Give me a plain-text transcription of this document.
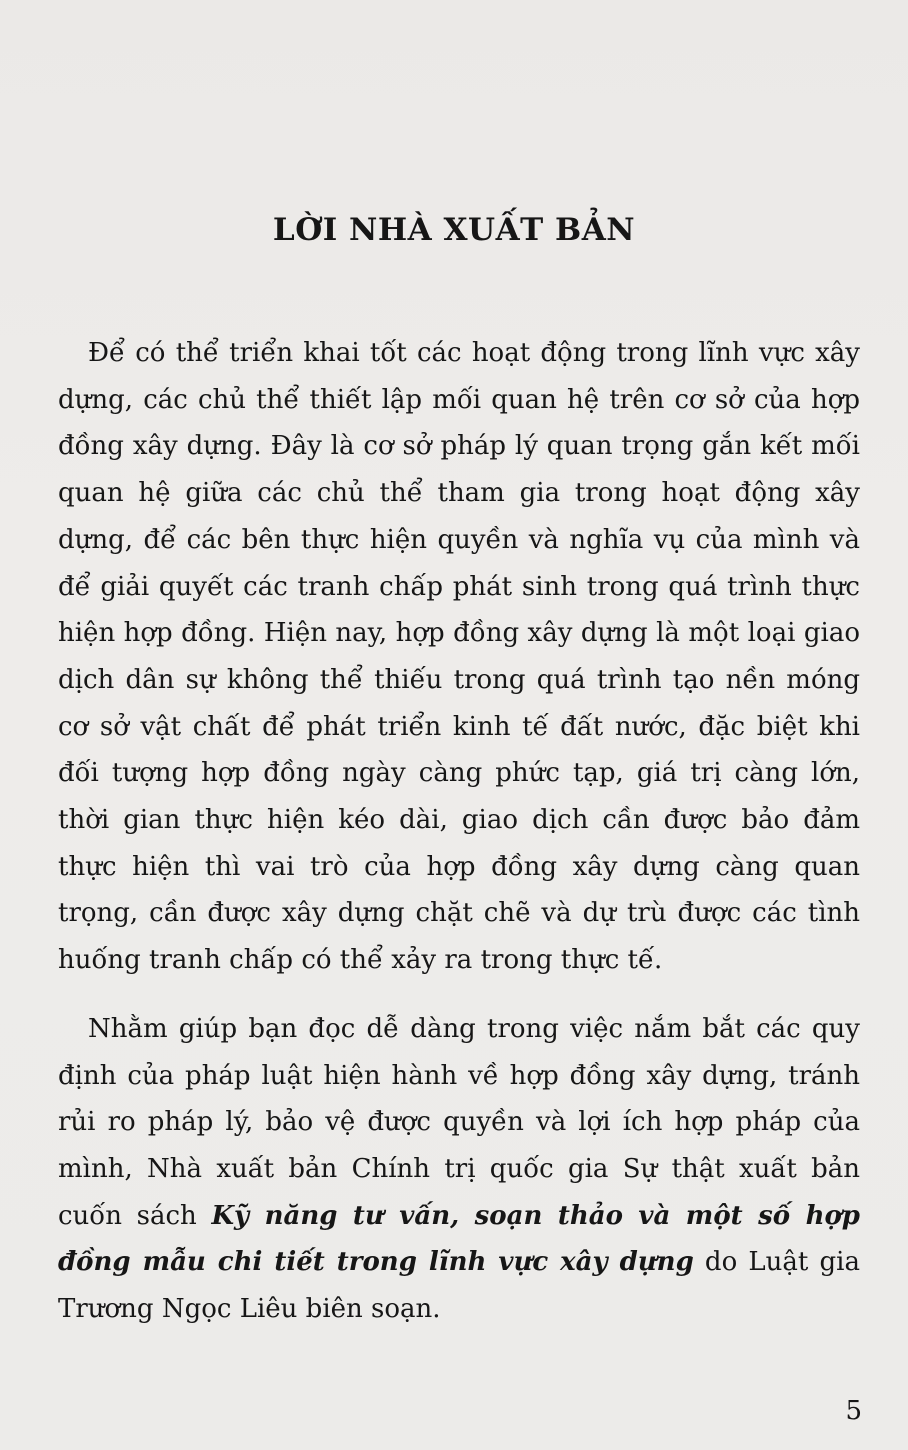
LỜI NHÀ XUẤT BẢN

Để có thể triển khai tốt các hoạt động trong lĩnh vực xây dựng, các chủ thể thiết lập mối quan hệ trên cơ sở của hợp đồng xây dựng. Đây là cơ sở pháp lý quan trọng gắn kết mối quan hệ giữa các chủ thể tham gia trong hoạt động xây dựng, để các bên thực hiện quyền và nghĩa vụ của mình và để giải quyết các tranh chấp phát sinh trong quá trình thực hiện hợp đồng. Hiện nay, hợp đồng xây dựng là một loại giao dịch dân sự không thể thiếu trong quá trình tạo nền móng cơ sở vật chất để phát triển kinh tế đất nước, đặc biệt khi đối tượng hợp đồng ngày càng phức tạp, giá trị càng lớn, thời gian thực hiện kéo dài, giao dịch cần được bảo đảm thực hiện thì vai trò của hợp đồng xây dựng càng quan trọng, cần được xây dựng chặt chẽ và dự trù được các tình huống tranh chấp có thể xảy ra trong thực tế.

Nhằm giúp bạn đọc dễ dàng trong việc nắm bắt các quy định của pháp luật hiện hành về hợp đồng xây dựng, tránh rủi ro pháp lý, bảo vệ được quyền và lợi ích hợp pháp của mình, Nhà xuất bản Chính trị quốc gia Sự thật xuất bản cuốn sách Kỹ năng tư vấn, soạn thảo và một số hợp đồng mẫu chi tiết trong lĩnh vực xây dựng do Luật gia Trương Ngọc Liêu biên soạn.

5
